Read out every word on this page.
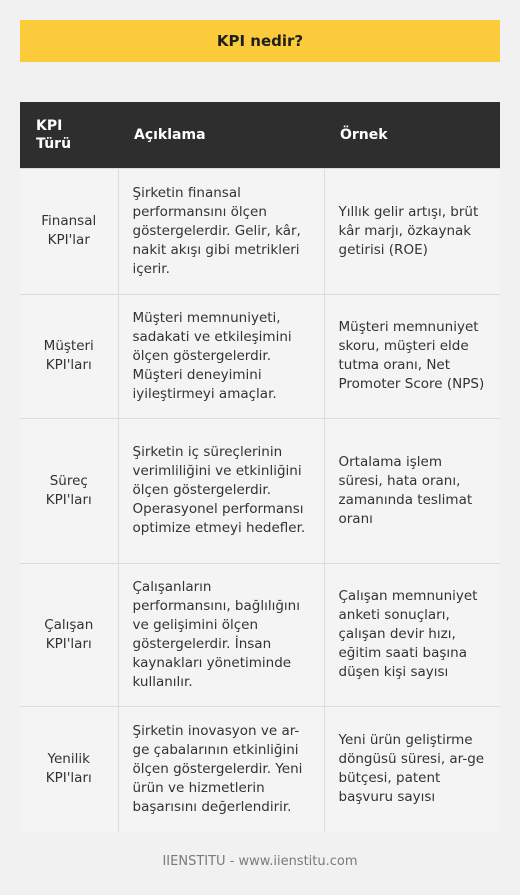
KPI nedir?
KPI Türü	Açıklama	Örnek
Finansal KPI'lar	Şirketin finansal performansını ölçen göstergelerdir. Gelir, kâr, nakit akışı gibi metrikleri içerir.	Yıllık gelir artışı, brüt kâr marjı, özkaynak getirisi (ROE)
Müşteri KPI'ları	Müşteri memnuniyeti, sadakati ve etkileşimini ölçen göstergelerdir. Müşteri deneyimini iyileştirmeyi amaçlar.	Müşteri memnuniyet skoru, müşteri elde tutma oranı, Net Promoter Score (NPS)
Süreç KPI'ları	Şirketin iç süreçlerinin verimliliğini ve etkinliğini ölçen göstergelerdir. Operasyonel performansı optimize etmeyi hedefler.	Ortalama işlem süresi, hata oranı, zamanında teslimat oranı
Çalışan KPI'ları	Çalışanların performansını, bağlılığını ve gelişimini ölçen göstergelerdir. İnsan kaynakları yönetiminde kullanılır.	Çalışan memnuniyet anketi sonuçları, çalışan devir hızı, eğitim saati başına düşen kişi sayısı
Yenilik KPI'ları	Şirketin inovasyon ve ar-ge çabalarının etkinliğini ölçen göstergelerdir. Yeni ürün ve hizmetlerin başarısını değerlendirir.	Yeni ürün geliştirme döngüsü süresi, ar-ge bütçesi, patent başvuru sayısı
IIENSTITU - www.iienstitu.com
